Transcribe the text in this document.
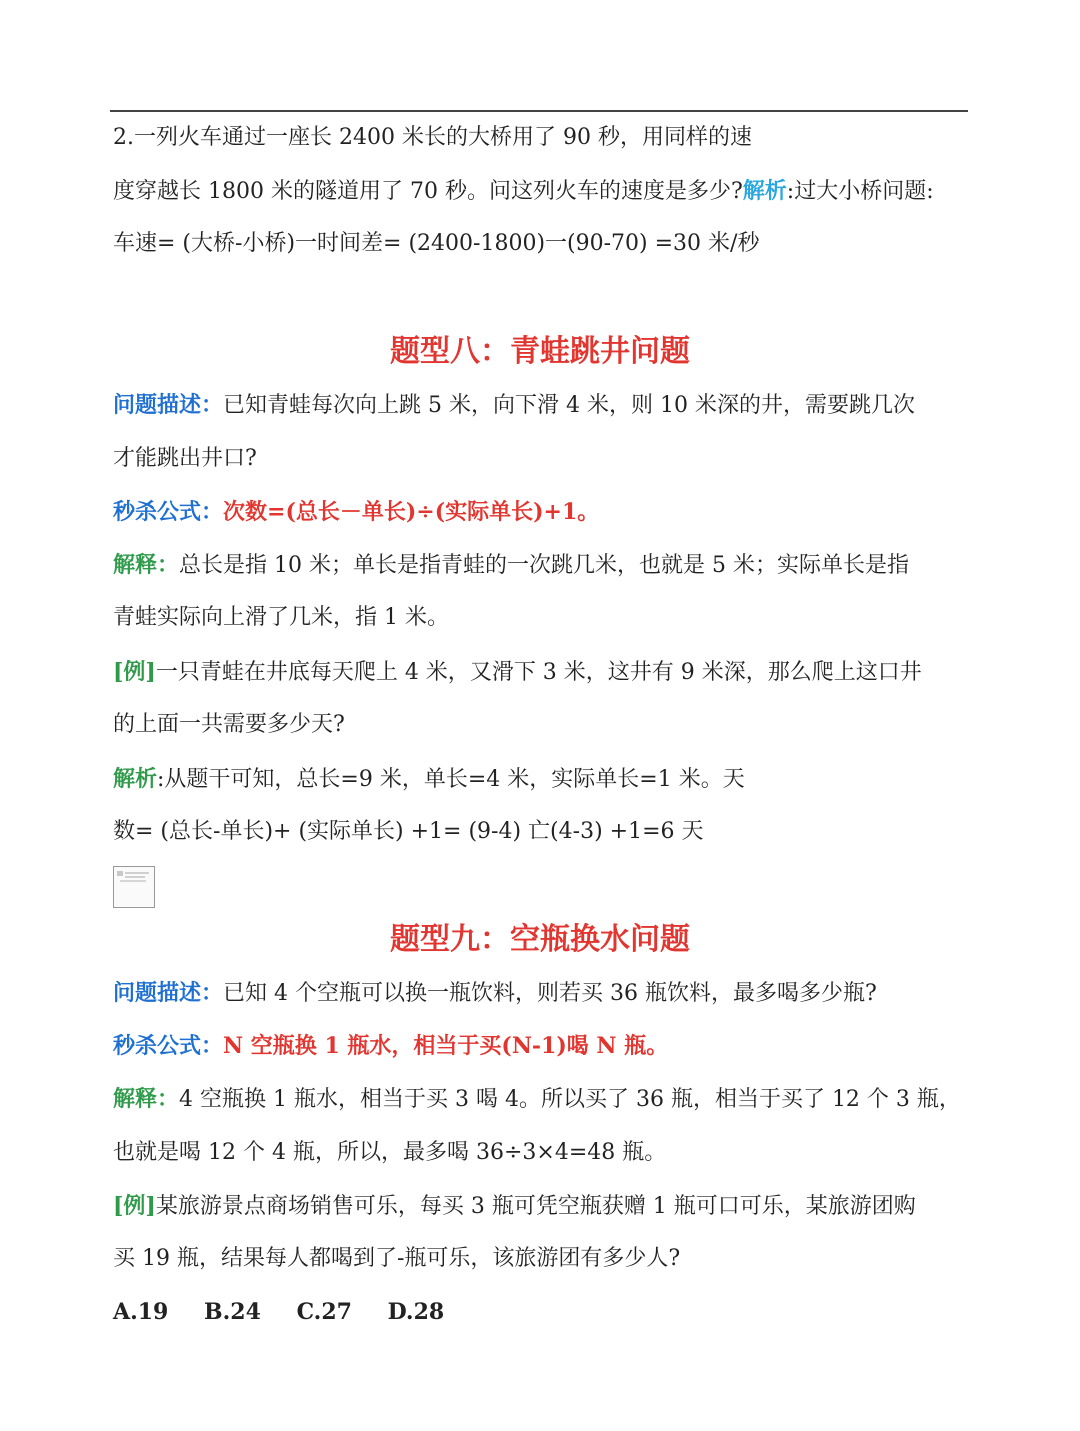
2.一列火车通过一座长 2400 米长的大桥用了 90 秒，用同样的速
度穿越长 1800 米的隧道用了 70 秒。问这列火车的速度是多少?解析:过大小桥问题:
车速= (大桥-小桥)一时间差= (2400-1800)一(90-70) =30 米/秒
题型八：青蛙跳井问题
问题描述：已知青蛙每次向上跳 5 米，向下滑 4 米，则 10 米深的井，需要跳几次
才能跳出井口?
秒杀公式：次数=(总长－单长)÷(实际单长)+1。
解释：总长是指 10 米；单长是指青蛙的一次跳几米，也就是 5 米；实际单长是指
青蛙实际向上滑了几米，指 1 米。
[例]一只青蛙在井底每天爬上 4 米，又滑下 3 米，这井有 9 米深，那么爬上这口井
的上面一共需要多少天?
解析:从题干可知，总长=9 米，单长=4 米，实际单长=1 米。天
数= (总长-单长)+ (实际单长) +1= (9-4) 亡(4-3) +1=6 天
题型九：空瓶换水问题
问题描述：已知 4 个空瓶可以换一瓶饮料，则若买 36 瓶饮料，最多喝多少瓶?
秒杀公式：N 空瓶换 1 瓶水，相当于买(N-1)喝 N 瓶。
解释：4 空瓶换 1 瓶水，相当于买 3 喝 4。所以买了 36 瓶，相当于买了 12 个 3 瓶，
也就是喝 12 个 4 瓶，所以，最多喝 36÷3×4=48 瓶。
[例]某旅游景点商场销售可乐，每买 3 瓶可凭空瓶获赠 1 瓶可口可乐，某旅游团购
买 19 瓶，结果每人都喝到了-瓶可乐，该旅游团有多少人?
A.19 B.24 C.27 D.28
